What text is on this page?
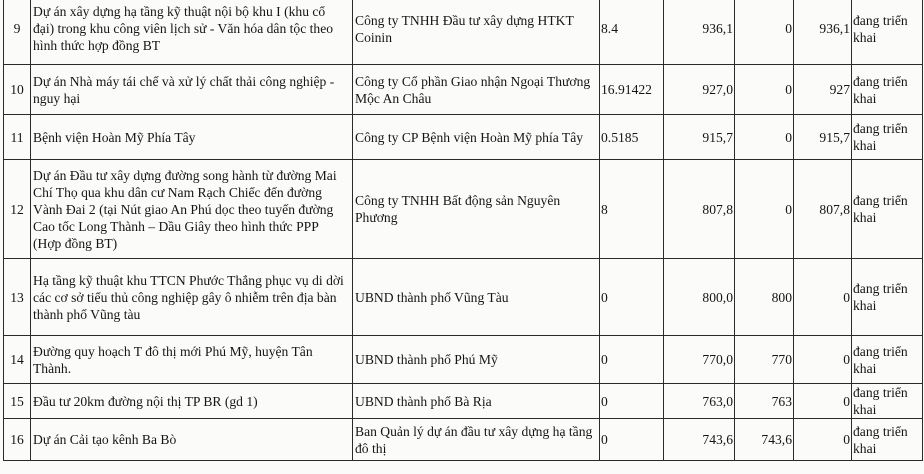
9	Dự án xây dựng hạ tầng kỹ thuật nội bộ khu I (khu cổ đại) trong khu công viên lịch sử - Văn hóa dân tộc theo hình thức hợp đồng BT	Công ty TNHH Đầu tư xây dựng HTKT Coinin	8.4	936,1	0	936,1	đang triển khai
10	Dự án Nhà máy tái chế và xử lý chất thải công nghiệp - nguy hại	Công ty Cổ phần Giao nhận Ngoại Thương Mộc An Châu	16.91422	927,0	0	927	đang triển khai
11	Bệnh viện Hoàn Mỹ Phía Tây	Công ty CP Bệnh viện Hoàn Mỹ phía Tây	0.5185	915,7	0	915,7	đang triển khai
12	Dự án Đầu tư xây dựng đường song hành từ đường Mai Chí Thọ qua khu dân cư Nam Rạch Chiếc đến đường Vành Đai 2 (tại Nút giao An Phú dọc theo tuyến đường Cao tốc Long Thành – Dầu Giây theo hình thức PPP (Hợp đồng BT)	Công ty TNHH Bất động sản Nguyên Phương	8	807,8	0	807,8	đang triển khai
13	Hạ tầng kỹ thuật khu TTCN Phước Thắng phục vụ di dời các cơ sở tiểu thủ công nghiệp gây ô nhiễm trên địa bàn thành phố Vũng tàu	UBND thành phố Vũng Tàu	0	800,0	800	0	đang triển khai
14	Đường quy hoạch T đô thị mới Phú Mỹ, huyện Tân Thành.	UBND thành phố Phú Mỹ	0	770,0	770	0	đang triển khai
15	Đầu tư 20km đường nội thị TP BR (gd 1)	UBND thành phố Bà Rịa	0	763,0	763	0	đang triển khai
16	Dự án Cải tạo kênh Ba Bò	Ban Quản lý dự án đầu tư xây dựng hạ tầng đô thị	0	743,6	743,6	0	đang triển khai
